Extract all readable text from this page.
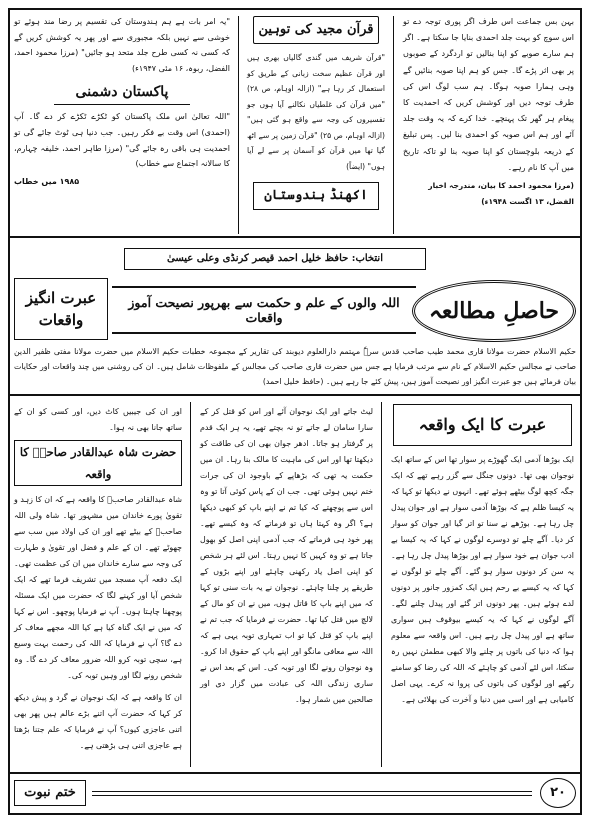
بہن بس جماعت اس طرف اگر پوری توجہ دے تو اس سوچ کو بہت جلد احمدی بنایا جا سکتا ہے۔ اگر ہم سارے صوبے کو اپنا بنالیں تو اردگرد کے صوبوں پر بھی اثر پڑے گا۔ جس کو ہم اپنا صوبہ بنائیں گے وہی ہمارا صوبہ ہوگا۔ ہم سب لوگ اس کی طرف توجہ دیں اور کوشش کریں کہ احمدیت کا پیغام ہر گھر تک پہنچے۔ خدا کرے کہ یہ وقت جلد آئے اور ہم اس صوبہ کو احمدی بنا لیں۔ پس تبلیغ کے ذریعہ بلوچستان کو اپنا صوبہ بنا لو تاکہ تاریخ میں آپ کا نام رہے۔

(مرزا محمود احمد کا بیان، مندرجہ اخبار الفضل، ۱۳ اگست ۱۹۴۸ء)

قرآن مجید کی توہین

"قرآن شریف میں گندی گالیاں بھری ہیں اور قرآن عظیم سخت زبانی کے طریق کو استعمال کر رہا ہے" (ازالہ اوہام، ص ۲۸) "میں قرآن کی غلطیاں نکالنے آیا ہوں جو تفسیروں کی وجہ سے واقع ہو گئی ہیں" (ازالہ اوہام، ص ۲۵) "قرآن زمین پر سے اٹھ گیا تھا میں قرآن کو آسمان پر سے لے آیا ہوں" (ایضاً)

اکھنڈ ہندوستان

"یہ امر بات ہے ہم ہندوستان کی تقسیم پر رضا مند ہوئے تو خوشی سے نہیں بلکہ مجبوری سے اور پھر یہ کوشش کریں گے کہ کسی نہ کسی طرح جلد متحد ہو جائیں" (مرزا محمود احمد، الفضل، ربوہ، ۱۶ مئی ۱۹۴۷ء)

پاکستان دشمنی

"اللہ تعالیٰ اس ملک پاکستان کو ٹکڑے ٹکڑے کر دے گا۔ آپ (احمدی) اس وقت بے فکر رہیں۔ جب دنیا ہی ٹوٹ جائے گی تو احمدیت ہی باقی رہ جائے گی" (مرزا طاہر احمد، خلیفہ چہارم، کا سالانہ اجتماع سے خطاب)

۱۹۸۵ میں خطاب

انتخاب: حافظ خلیل احمد قیصر کرنڈی وعلی عیسیٰ
حاصلِ مطالعہ
اللہ والوں کے علم و حکمت سے بھرپور نصیحت آموز واقعات
عبرت انگیز واقعات

حکیم الاسلام حضرت مولانا قاری محمد طیب صاحب قدس سرہٗ مہتمم دارالعلوم دیوبند کی تقاریر کے مجموعہ خطبات حکیم الاسلام میں حضرت مولانا مفتی ظفیر الدین صاحب نے مجالس حکیم الاسلام کے نام سے مرتب فرمایا ہے جس میں حضرت قاری صاحب کی مجالس کے ملفوظات شامل ہیں۔ ان کی روشنی میں چند واقعات اور حکایات بیان فرمائے ہیں جو عبرت انگیز اور نصیحت آموز ہیں، پیش کئے جا رہے ہیں۔ (حافظ خلیل احمد)

عبرت کا ایک واقعہ

ایک بوڑھا آدمی ایک گھوڑے پر سوار تھا اس کے ساتھ ایک نوجوان بھی تھا۔ دونوں جنگل سے گزر رہے تھے کہ ایک جگہ کچھ لوگ بیٹھے ہوئے تھے۔ انہوں نے دیکھا تو کہا کہ یہ کیسا ظلم ہے کہ بوڑھا آدمی سوار ہے اور جوان پیدل چل رہا ہے۔ بوڑھے نے سنا تو اتر گیا اور جوان کو سوار کر دیا۔ آگے چلے تو دوسرے لوگوں نے کہا کہ یہ کیسا بے ادب جوان ہے خود سوار ہے اور بوڑھا پیدل چل رہا ہے۔ یہ سن کر دونوں سوار ہو گئے۔ آگے چلے تو لوگوں نے کہا کہ یہ کیسے بے رحم ہیں ایک کمزور جانور پر دونوں لدے ہوئے ہیں۔ پھر دونوں اتر گئے اور پیدل چلنے لگے۔ آگے لوگوں نے کہا کہ یہ کیسے بیوقوف ہیں سواری ساتھ ہے اور پیدل چل رہے ہیں۔ اس واقعہ سے معلوم ہوا کہ دنیا کی باتوں پر چلنے والا کبھی مطمئن نہیں رہ سکتا، اس لئے آدمی کو چاہئے کہ اللہ کی رضا کو سامنے رکھے اور لوگوں کی باتوں کی پروا نہ کرے۔ یہی اصل کامیابی ہے اور اسی میں دنیا و آخرت کی بھلائی ہے۔

لیٹ جاتے اور ایک نوجوان آئے اور اس کو قتل کر کے سارا سامان لے جاتے تو نہ بچتے تھے، یہ ہر ایک قدم پر گرفتار ہو جاتا۔ ادھر جوان بھی ان کی طاقت کو دیکھتا تھا اور اس کی ماہیت کا مالک بنا رہا۔ ان میں حکمت یہ تھی کہ بڑھاپے کے باوجود ان کی جرات ختم نہیں ہوئی تھی۔ جب ان کے پاس کوئی آتا تو وہ اس سے پوچھتے کہ کیا تم نے اپنے باپ کو کبھی دیکھا ہے؟ اگر وہ کہتا ہاں تو فرماتے کہ وہ کیسے تھے۔ پھر خود ہی فرماتے کہ جب آدمی اپنی اصل کو بھول جاتا ہے تو وہ کہیں کا نہیں رہتا۔ اس لئے ہر شخص کو اپنی اصل یاد رکھنی چاہئے اور اپنے بڑوں کے طریقے پر چلنا چاہئے۔ نوجوان نے یہ بات سنی تو کہا کہ میں اپنے باپ کا قاتل ہوں، میں نے ان کو مال کے لالچ میں قتل کیا تھا۔ حضرت نے فرمایا کہ جب تم نے اپنے باپ کو قتل کیا تو اب تمہاری توبہ یہی ہے کہ اللہ سے معافی مانگو اور اپنے باپ کے حقوق ادا کرو۔ وہ نوجوان رونے لگا اور توبہ کی۔ اس کے بعد اس نے ساری زندگی اللہ کی عبادت میں گزار دی اور صالحین میں شمار ہوا۔

اور ان کی جیبیں کاٹ دیں، اور کسی کو ان کے ساتھ جانا بھی نہ ہوا۔

حضرت شاہ عبدالقادر صاحبؒ کا واقعہ

شاہ عبدالقادر صاحبؒ کا واقعہ ہے کہ ان کا زہد و تقویٰ پورے خاندان میں مشہور تھا۔ شاہ ولی اللہ صاحبؒ کے بیٹے تھے اور ان کی اولاد میں سب سے چھوٹے تھے۔ ان کے علم و فضل اور تقویٰ و طہارت کی وجہ سے سارے خاندان میں ان کی عظمت تھی۔ ایک دفعہ آپ مسجد میں تشریف فرما تھے کہ ایک شخص آیا اور کہنے لگا کہ حضرت میں ایک مسئلہ پوچھنا چاہتا ہوں۔ آپ نے فرمایا پوچھو۔ اس نے کہا کہ میں نے ایک گناہ کیا ہے کیا اللہ مجھے معاف کر دے گا؟ آپ نے فرمایا کہ اللہ کی رحمت بہت وسیع ہے، سچی توبہ کرو اللہ ضرور معاف کر دے گا۔ وہ شخص رونے لگا اور وہیں توبہ کی۔

ان کا واقعہ ہے کہ ایک نوجوان نے گرد و پیش دیکھ کر کہا کہ حضرت آپ اتنے بڑے عالم ہیں پھر بھی اتنی عاجزی کیوں؟ آپ نے فرمایا کہ علم جتنا بڑھتا ہے عاجزی اتنی ہی بڑھتی ہے۔

ختم نبوت	۲۰
